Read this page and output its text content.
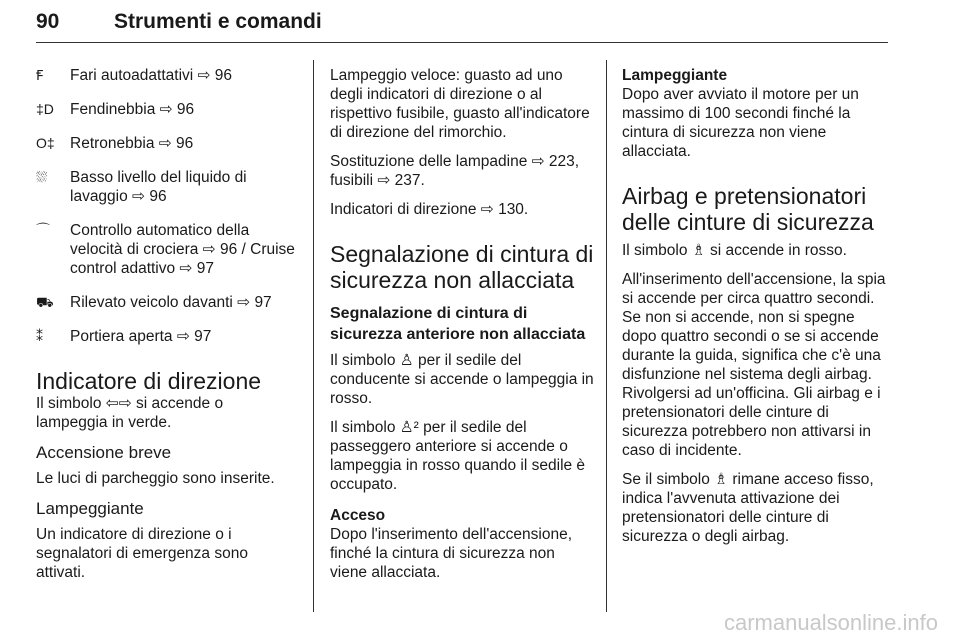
90	Strumenti e comandi
Ꞙ	Fari autoadattativi ⇨ 96
‡D Fendinebbia ⇨ 96
O‡ Retronebbia ⇨ 96
⛆	Basso livello del liquido di lavaggio ⇨ 96
⌒	Controllo automatico della velocità di crociera ⇨ 96 / Cruise control adattivo ⇨ 97
⛟ Rilevato veicolo davanti ⇨ 97
⁑	Portiera aperta ⇨ 97
Indicatore di direzione

Il simbolo ⇦⇨ si accende o lampeggia in verde.

Accensione breve

Le luci di parcheggio sono inserite.

Lampeggiante

Un indicatore di direzione o i segnalatori di emergenza sono attivati.

Lampeggio veloce: guasto ad uno degli indicatori di direzione o al rispettivo fusibile, guasto all'indicatore di direzione del rimorchio.

Sostituzione delle lampadine ⇨ 223, fusibili ⇨ 237.

Indicatori di direzione ⇨ 130.

Segnalazione di cintura di sicurezza non allacciata
Segnalazione di cintura di sicurezza anteriore non allacciata

Il simbolo ♙ per il sedile del conducente si accende o lampeggia in rosso.

Il simbolo ♙² per il sedile del passeggero anteriore si accende o lampeggia in rosso quando il sedile è occupato.

Acceso

Dopo l'inserimento dell'accensione, finché la cintura di sicurezza non viene allacciata.

Lampeggiante

Dopo aver avviato il motore per un massimo di 100 secondi finché la cintura di sicurezza non viene allacciata.

Airbag e pretensionatori delle cinture di sicurezza

Il simbolo ♗ si accende in rosso.

All'inserimento dell'accensione, la spia si accende per circa quattro secondi. Se non si accende, non si spegne dopo quattro secondi o se si accende durante la guida, significa che c'è una disfunzione nel sistema degli airbag. Rivolgersi ad un'officina. Gli airbag e i pretensionatori delle cinture di sicurezza potrebbero non attivarsi in caso di incidente.

Se il simbolo ♗ rimane acceso fisso, indica l'avvenuta attivazione dei pretensionatori delle cinture di sicurezza o degli airbag.

carmanualsonline.info
